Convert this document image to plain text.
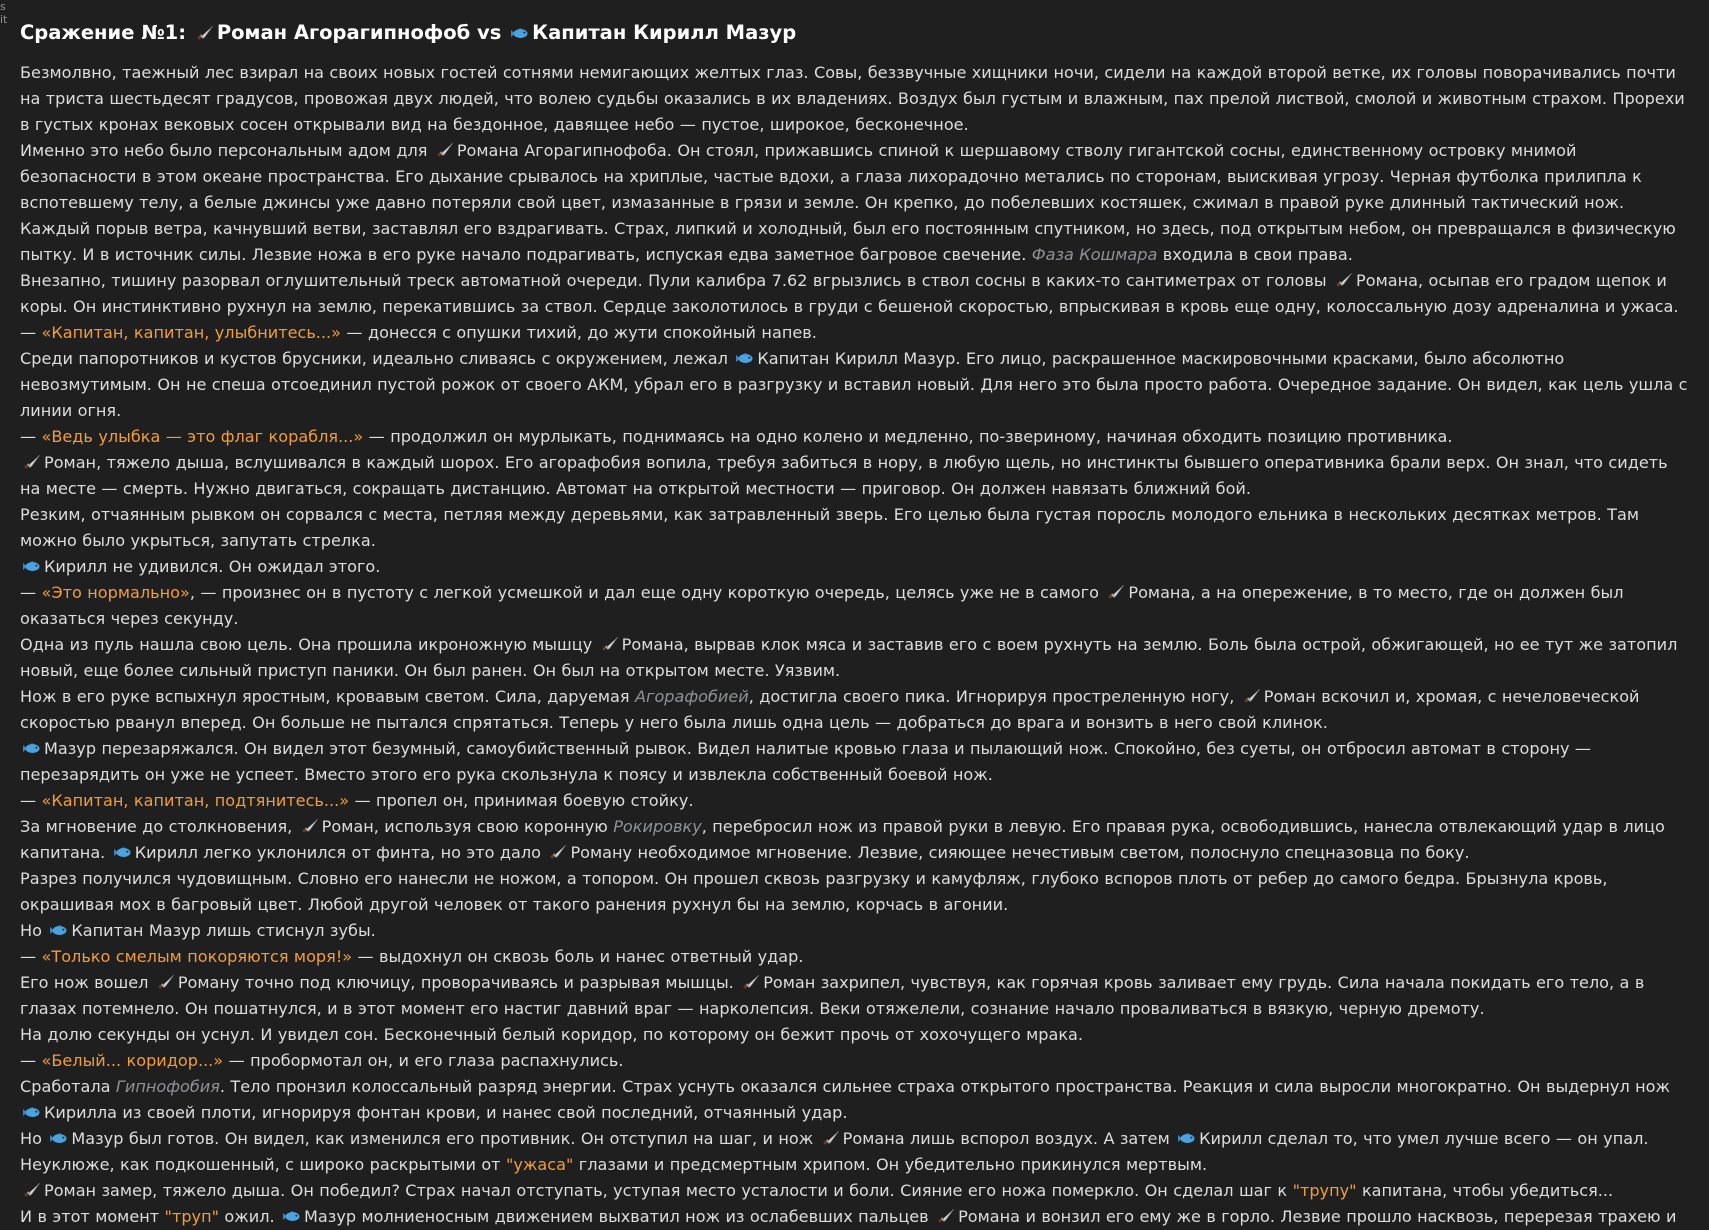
s
it
Сражение №1:
Роман Агорагипнофоб vs
Капитан Кирилл Мазур
Безмолвно, таежный лес взирал на своих новых гостей сотнями немигающих желтых глаз. Совы, беззвучные хищники ночи, сидели на каждой второй ветке, их головы поворачивались почти на триста шестьдесят градусов, провожая двух людей, что волею судьбы оказались в их владениях. Воздух был густым и влажным, пах прелой листвой, смолой и животным страхом. Прорехи в густых кронах вековых сосен открывали вид на бездонное, давящее небо — пустое, широкое, бесконечное.
Именно это небо было персональным адом для
Романа Агорагипнофоба. Он стоял, прижавшись спиной к шершавому стволу гигантской сосны, единственному островку мнимой безопасности в этом океане пространства. Его дыхание срывалось на хриплые, частые вдохи, а глаза лихорадочно метались по сторонам, выискивая угрозу. Черная футболка прилипла к вспотевшему телу, а белые джинсы уже давно потеряли свой цвет, измазанные в грязи и земле. Он крепко, до побелевших костяшек, сжимал в правой руке длинный тактический нож. Каждый порыв ветра, качнувший ветви, заставлял его вздрагивать. Страх, липкий и холодный, был его постоянным спутником, но здесь, под открытым небом, он превращался в физическую пытку. И в источник силы. Лезвие ножа в его руке начало подрагивать, испуская едва заметное багровое свечение. Фаза Кошмара входила в свои права.
Внезапно, тишину разорвал оглушительный треск автоматной очереди. Пули калибра 7.62 вгрызлись в ствол сосны в каких-то сантиметрах от головы
Романа, осыпав его градом щепок и коры. Он инстинктивно рухнул на землю, перекатившись за ствол. Сердце заколотилось в груди с бешеной скоростью, впрыскивая в кровь еще одну, колоссальную дозу адреналина и ужаса.
— «Капитан, капитан, улыбнитесь...» — донесся с опушки тихий, до жути спокойный напев.
Среди папоротников и кустов брусники, идеально сливаясь с окружением, лежал
Капитан Кирилл Мазур. Его лицо, раскрашенное маскировочными красками, было абсолютно невозмутимым. Он не спеша отсоединил пустой рожок от своего АКМ, убрал его в разгрузку и вставил новый. Для него это была просто работа. Очередное задание. Он видел, как цель ушла с линии огня.
— «Ведь улыбка — это флаг корабля...» — продолжил он мурлыкать, поднимаясь на одно колено и медленно, по-звериному, начиная обходить позицию противника.
Роман, тяжело дыша, вслушивался в каждый шорох. Его агорафобия вопила, требуя забиться в нору, в любую щель, но инстинкты бывшего оперативника брали верх. Он знал, что сидеть на месте — смерть. Нужно двигаться, сокращать дистанцию. Автомат на открытой местности — приговор. Он должен навязать ближний бой.
Резким, отчаянным рывком он сорвался с места, петляя между деревьями, как затравленный зверь. Его целью была густая поросль молодого ельника в нескольких десятках метров. Там можно было укрыться, запутать стрелка.
Кирилл не удивился. Он ожидал этого.
— «Это нормально», — произнес он в пустоту с легкой усмешкой и дал еще одну короткую очередь, целясь уже не в самого
Романа, а на опережение, в то место, где он должен был оказаться через секунду.
Одна из пуль нашла свою цель. Она прошила икроножную мышцу
Романа, вырвав клок мяса и заставив его с воем рухнуть на землю. Боль была острой, обжигающей, но ее тут же затопил новый, еще более сильный приступ паники. Он был ранен. Он был на открытом месте. Уязвим.
Нож в его руке вспыхнул яростным, кровавым светом. Сила, даруемая Агорафобией, достигла своего пика. Игнорируя простреленную ногу,
Роман вскочил и, хромая, с нечеловеческой скоростью рванул вперед. Он больше не пытался спрятаться. Теперь у него была лишь одна цель — добраться до врага и вонзить в него свой клинок.
Мазур перезаряжался. Он видел этот безумный, самоубийственный рывок. Видел налитые кровью глаза и пылающий нож. Спокойно, без суеты, он отбросил автомат в сторону — перезарядить он уже не успеет. Вместо этого его рука скользнула к поясу и извлекла собственный боевой нож.
— «Капитан, капитан, подтянитесь...» — пропел он, принимая боевую стойку.
За мгновение до столкновения,
Роман, используя свою коронную Рокировку, перебросил нож из правой руки в левую. Его правая рука, освободившись, нанесла отвлекающий удар в лицо капитана.
Кирилл легко уклонился от финта, но это дало
Роману необходимое мгновение. Лезвие, сияющее нечестивым светом, полоснуло спецназовца по боку.
Разрез получился чудовищным. Словно его нанесли не ножом, а топором. Он прошел сквозь разгрузку и камуфляж, глубоко вспоров плоть от ребер до самого бедра. Брызнула кровь, окрашивая мох в багровый цвет. Любой другой человек от такого ранения рухнул бы на землю, корчась в агонии.
Но
Капитан Мазур лишь стиснул зубы.
— «Только смелым покоряются моря!» — выдохнул он сквозь боль и нанес ответный удар.
Его нож вошел
Роману точно под ключицу, проворачиваясь и разрывая мышцы.
Роман захрипел, чувствуя, как горячая кровь заливает ему грудь. Сила начала покидать его тело, а в глазах потемнело. Он пошатнулся, и в этот момент его настиг давний враг — нарколепсия. Веки отяжелели, сознание начало проваливаться в вязкую, черную дремоту.
На долю секунды он уснул. И увидел сон. Бесконечный белый коридор, по которому он бежит прочь от хохочущего мрака.
— «Белый... коридор...» — пробормотал он, и его глаза распахнулись.
Сработала Гипнофобия. Тело пронзил колоссальный разряд энергии. Страх уснуть оказался сильнее страха открытого пространства. Реакция и сила выросли многократно. Он выдернул нож
Кирилла из своей плоти, игнорируя фонтан крови, и нанес свой последний, отчаянный удар.
Но
Мазур был готов. Он видел, как изменился его противник. Он отступил на шаг, и нож
Романа лишь вспорол воздух. А затем
Кирилл сделал то, что умел лучше всего — он упал. Неуклюже, как подкошенный, с широко раскрытыми от "ужаса" глазами и предсмертным хрипом. Он убедительно прикинулся мертвым.
Роман замер, тяжело дыша. Он победил? Страх начал отступать, уступая место усталости и боли. Сияние его ножа померкло. Он сделал шаг к "трупу" капитана, чтобы убедиться...
И в этот момент "труп" ожил.
Мазур молниеносным движением выхватил нож из ослабевших пальцев
Романа и вонзил его ему же в горло. Лезвие прошло насквозь, перерезая трахею и
